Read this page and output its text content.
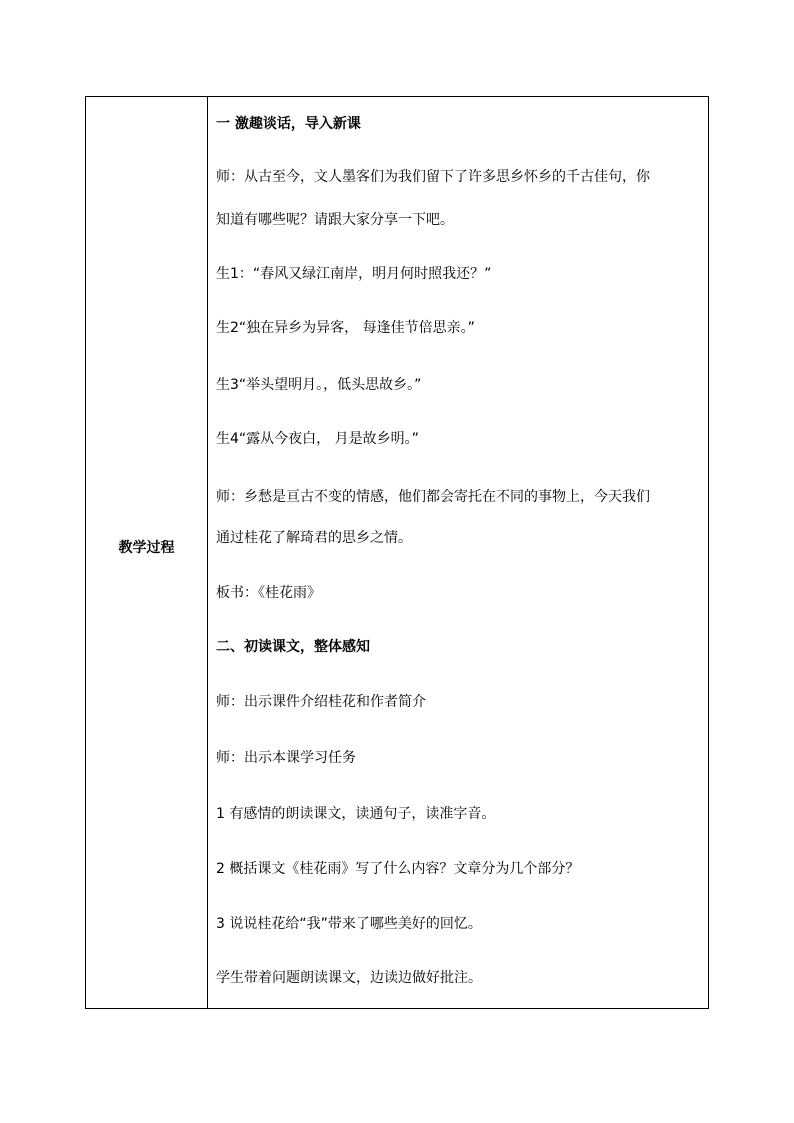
教学过程
一 激趣谈话，导入新课
师：从古至今，文人墨客们为我们留下了许多思乡怀乡的千古佳句，你
知道有哪些呢？请跟大家分享一下吧。
生1：“春风又绿江南岸，明月何时照我还？”
生2“独在异乡为异客， 每逢佳节倍思亲。”
生3“举头望明月。，低头思故乡。”
生4“露从今夜白， 月是故乡明。”
师：乡愁是亘古不变的情感，他们都会寄托在不同的事物上，今天我们
通过桂花了解琦君的思乡之情。
板书：《桂花雨》
二、初读课文，整体感知
师：出示课件介绍桂花和作者简介
师：出示本课学习任务
1 有感情的朗读课文，读通句子，读准字音。
2 概括课文《桂花雨》写了什么内容？文章分为几个部分？
3 说说桂花给“我”带来了哪些美好的回忆。
学生带着问题朗读课文，边读边做好批注。
